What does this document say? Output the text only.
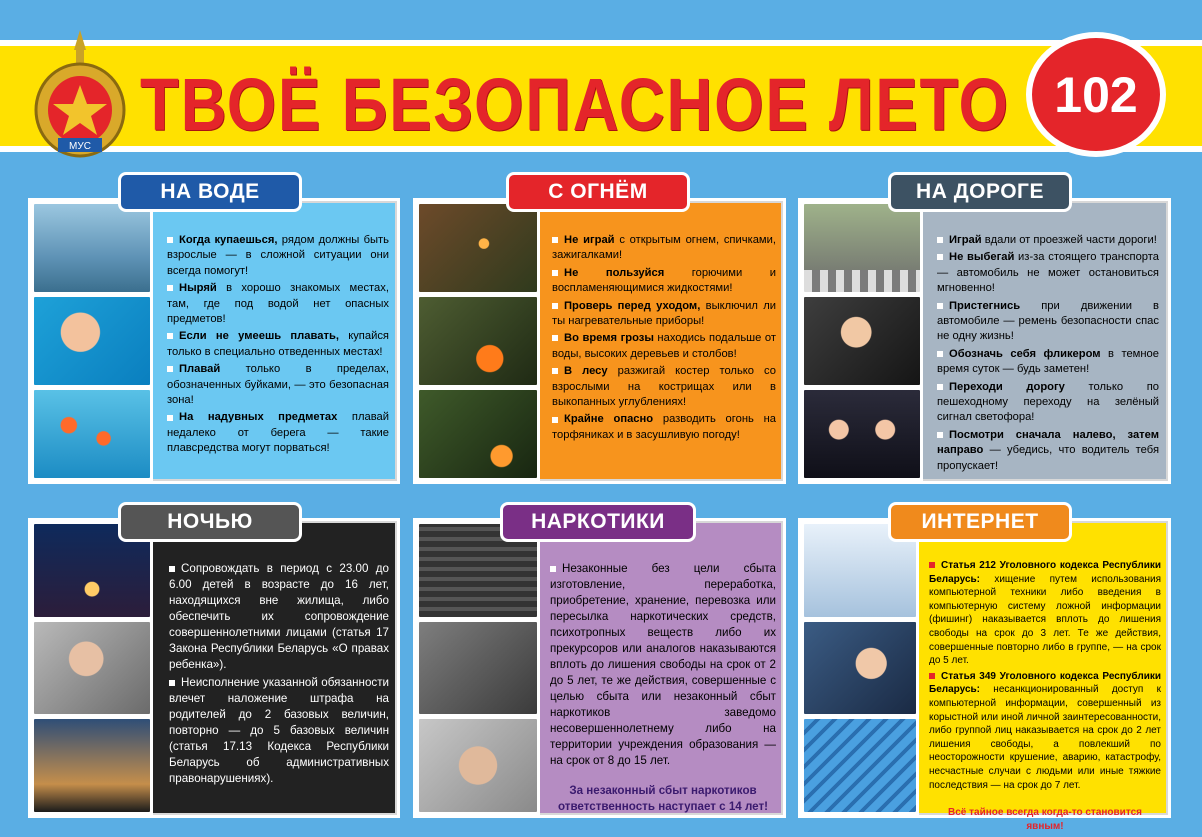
МУС
ТВОЁ БЕЗОПАСНОЕ ЛЕТО 102

Когда купаешься, рядом должны быть взрослые — в сложной ситуации они всегда помогут!

Ныряй в хорошо знакомых местах, там, где под водой нет опасных предметов!

Если не умеешь плавать, купайся только в специально отведенных местах!

Плавай только в пределах, обозначенных буйками, — это безопасная зона!

На надувных предметах плавай недалеко от берега — такие плавсредства могут порваться!

НА ВОДЕ

Не играй с открытым огнем, спичками, зажигалками!

Не пользуйся горючими и воспламеняющимися жидкостями!

Проверь перед уходом, выключил ли ты нагревательные приборы!

Во время грозы находись подальше от воды, высоких деревьев и столбов!

В лесу разжигай костер только со взрослыми на кострищах или в выкопанных углублениях!

Крайне опасно разводить огонь на торфяниках и в засушливую погоду!

С ОГНЁМ

Играй вдали от проезжей части дороги!

Не выбегай из-за стоящего транспорта — автомобиль не может остановиться мгновенно!

Пристегнись при движении в автомобиле — ремень безопасности спас не одну жизнь!

Обозначь себя фликером в темное время суток — будь заметен!

Переходи дорогу только по пешеходному переходу на зелёный сигнал светофора!

Посмотри сначала налево, затем направо — убедись, что водитель тебя пропускает!

НА ДОРОГЕ

Сопровождать в период с 23.00 до 6.00 детей в возрасте до 16 лет, находящихся вне жилища, либо обеспечить их сопровождение совершеннолетними лицами (статья 17 Закона Республики Беларусь «О правах ребенка»).

Неисполнение указанной обязанности влечет наложение штрафа на родителей до 2 базовых величин, повторно — до 5 базовых величин (статья 17.13 Кодекса Республики Беларусь об административных правонарушениях).

НОЧЬЮ

Незаконные без цели сбыта изготовление, переработка, приобретение, хранение, перевозка или пересылка наркотических средств, психотропных веществ либо их прекурсоров или аналогов наказываются вплоть до лишения свободы на срок от 2 до 5 лет, те же действия, совершенные с целью сбыта или незаконный сбыт наркотиков заведомо несовершеннолетнему либо на территории учреждения образования — на срок от 8 до 15 лет.

За незаконный сбыт наркотиков ответственность наступает с 14 лет!

НАРКОТИКИ

Статья 212 Уголовного кодекса Республики Беларусь: хищение путем использования компьютерной техники либо введения в компьютерную систему ложной информации (фишинг) наказывается вплоть до лишения свободы на срок до 3 лет. Те же действия, совершенные повторно либо в группе, — на срок до 5 лет.

Статья 349 Уголовного кодекса Республики Беларусь: несанкционированный доступ к компьютерной информации, совершенный из корыстной или иной личной заинтересованности, либо группой лиц наказывается на срок до 2 лет лишения свободы, а повлекший по неосторожности крушение, аварию, катастрофу, несчастные случаи с людьми или иные тяжкие последствия — на срок до 7 лет.

Всё тайное всегда когда-то становится явным!

ИНТЕРНЕТ
